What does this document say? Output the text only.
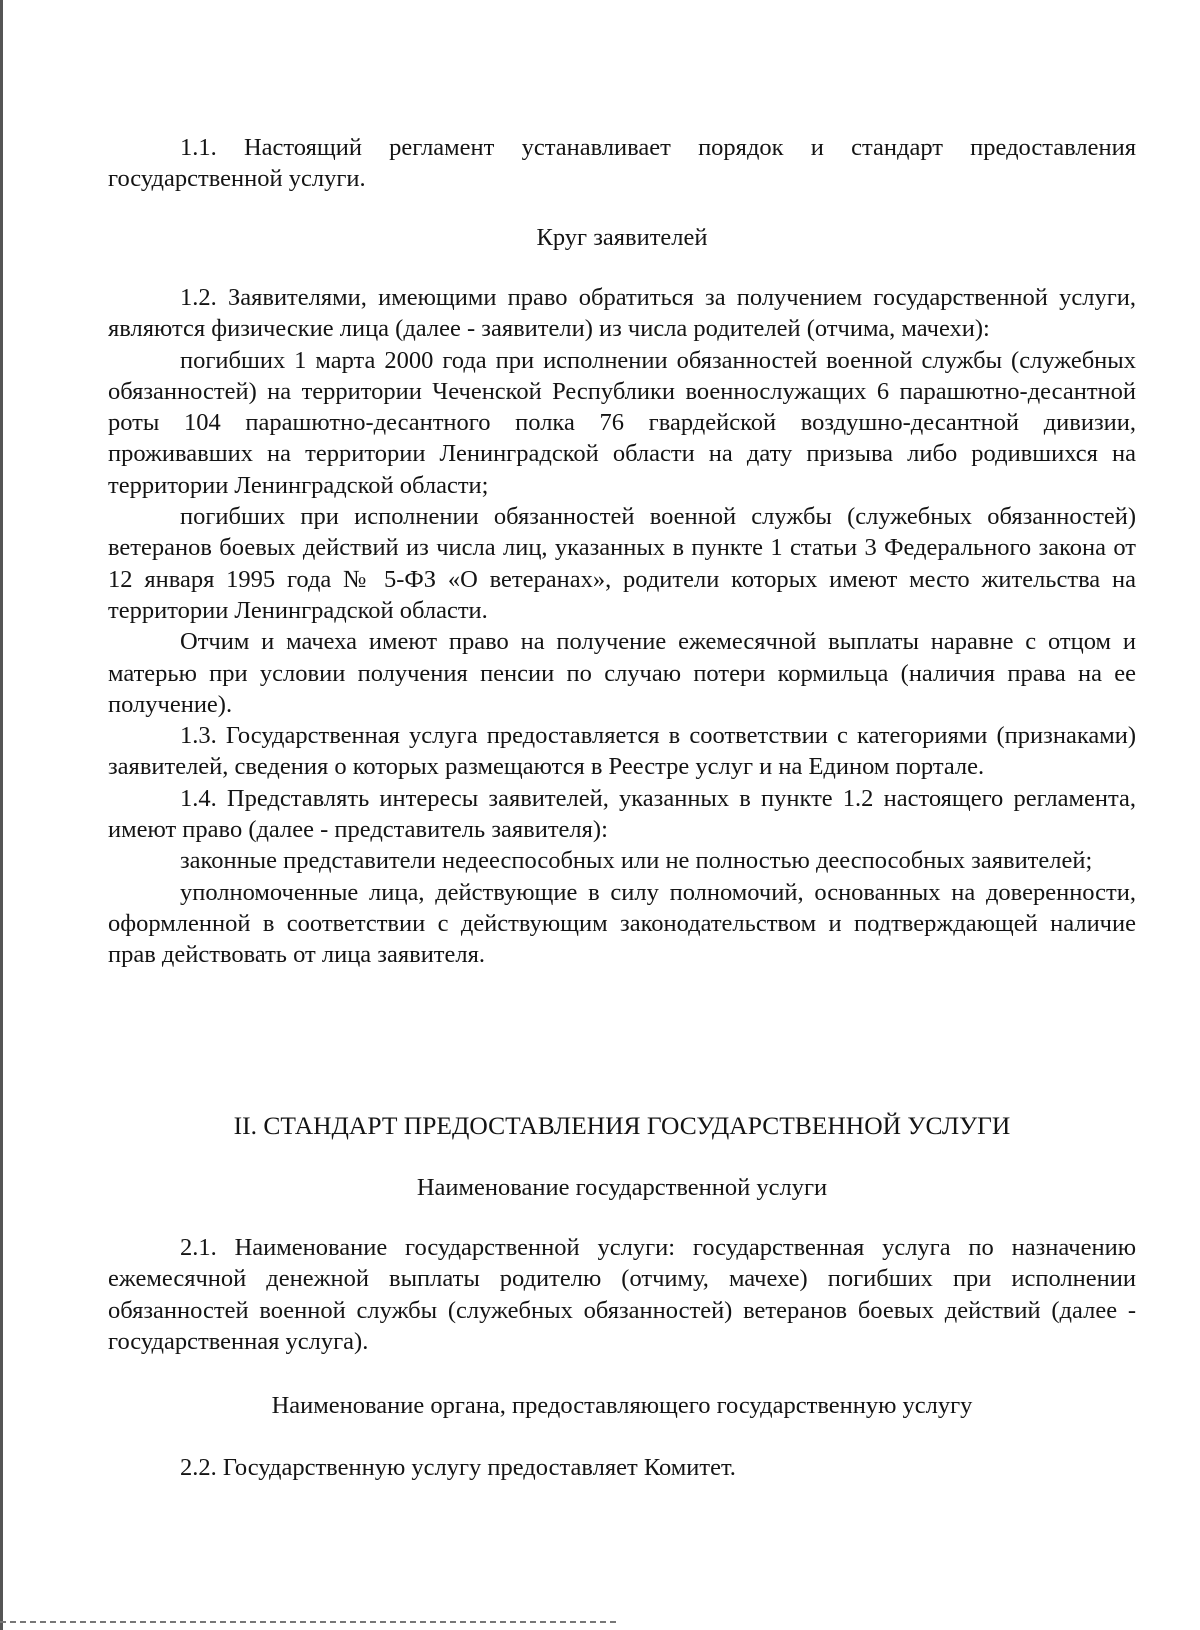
1.1. Настоящий регламент устанавливает порядок и стандарт предоставления государственной услуги.

Круг заявителей

1.2. Заявителями, имеющими право обратиться за получением государственной услуги, являются физические лица (далее - заявители) из числа родителей (отчима, мачехи):

погибших 1 марта 2000 года при исполнении обязанностей военной службы (служебных обязанностей) на территории Чеченской Республики военнослужащих 6 парашютно-десантной роты 104 парашютно-десантного полка 76 гвардейской воздушно-десантной дивизии, проживавших на территории Ленинградской области на дату призыва либо родившихся на территории Ленинградской области;

погибших при исполнении обязанностей военной службы (служебных обязанностей) ветеранов боевых действий из числа лиц, указанных в пункте 1 статьи 3 Федерального закона от 12 января 1995 года № 5-ФЗ «О ветеранах», родители которых имеют место жительства на территории Ленинградской области.

Отчим и мачеха имеют право на получение ежемесячной выплаты наравне с отцом и матерью при условии получения пенсии по случаю потери кормильца (наличия права на ее получение).

1.3. Государственная услуга предоставляется в соответствии с категориями (признаками) заявителей, сведения о которых размещаются в Реестре услуг и на Едином портале.

1.4. Представлять интересы заявителей, указанных в пункте 1.2 настоящего регламента, имеют право (далее - представитель заявителя):

законные представители недееспособных или не полностью дееспособных заявителей;

уполномоченные лица, действующие в силу полномочий, основанных на доверенности, оформленной в соответствии с действующим законодательством и подтверждающей наличие прав действовать от лица заявителя.

II. СТАНДАРТ ПРЕДОСТАВЛЕНИЯ ГОСУДАРСТВЕННОЙ УСЛУГИ

Наименование государственной услуги

2.1. Наименование государственной услуги: государственная услуга по назначению ежемесячной денежной выплаты родителю (отчиму, мачехе) погибших при исполнении обязанностей военной службы (служебных обязанностей) ветеранов боевых действий (далее - государственная услуга).

Наименование органа, предоставляющего государственную услугу

2.2. Государственную услугу предоставляет Комитет.
